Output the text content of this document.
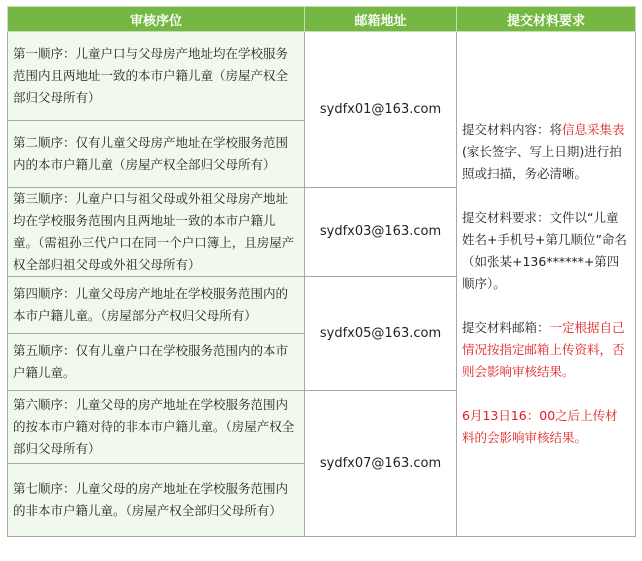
审核序位	邮箱地址	提交材料要求
第一顺序：儿童户口与父母房产地址均在学校服务范围内且两地址一致的本市户籍儿童（房屋产权全部归父母所有）	sydfx01@163.com	提交材料内容：将信息采集表(家长签字、写上日期)进行拍照或扫描，务必清晰。

提交材料要求：文件以“儿童姓名+手机号+第几顺位”命名（如张某+136******+第四顺序）。

提交材料邮箱：一定根据自己情况按指定邮箱上传资料，否则会影响审核结果。

6月13日16：00之后上传材料的会影响审核结果。

第二顺序：仅有儿童父母房产地址在学校服务范围内的本市户籍儿童（房屋产权全部归父母所有）		
第三顺序：儿童户口与祖父母或外祖父母房产地址均在学校服务范围内且两地址一致的本市户籍儿童。（需祖孙三代户口在同一个户口簿上，且房屋产权全部归祖父母或外祖父母所有）	sydfx03@163.com	
第四顺序：儿童父母房产地址在学校服务范围内的本市户籍儿童。（房屋部分产权归父母所有）	sydfx05@163.com	
第五顺序：仅有儿童户口在学校服务范围内的本市户籍儿童。		
第六顺序：儿童父母的房产地址在学校服务范围内的按本市户籍对待的非本市户籍儿童。（房屋产权全部归父母所有）	sydfx07@163.com	
第七顺序：儿童父母的房产地址在学校服务范围内的非本市户籍儿童。（房屋产权全部归父母所有）		
